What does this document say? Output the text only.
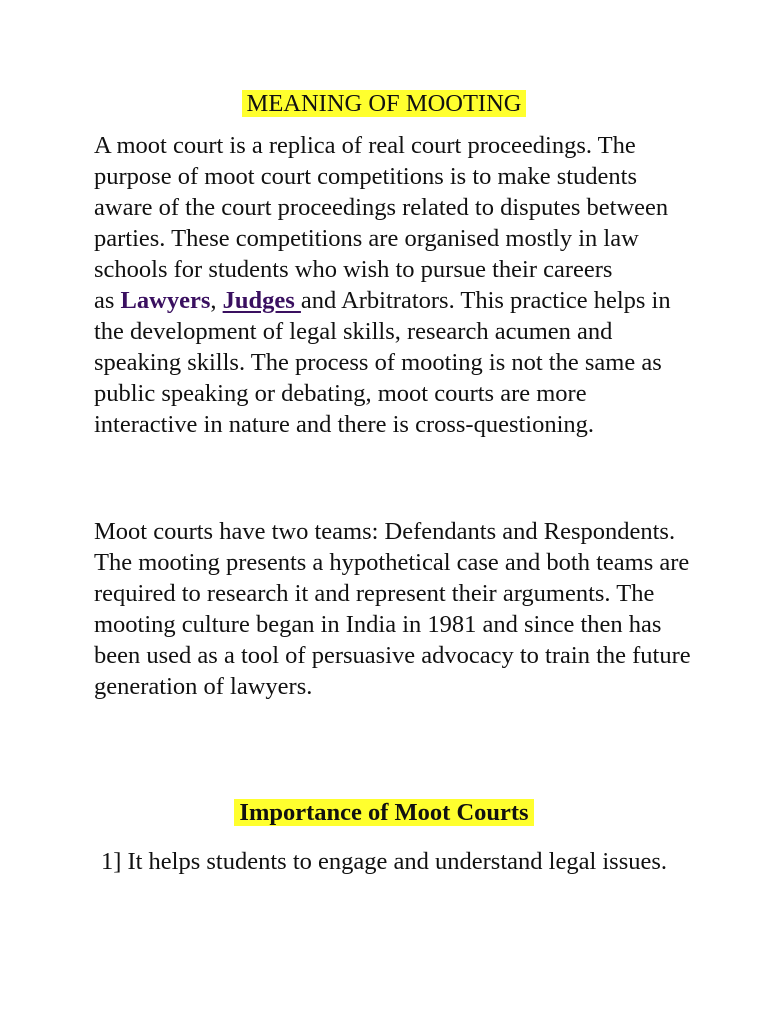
MEANING OF MOOTING

A moot court is a replica of real court proceedings. The purpose of moot court competitions is to make students aware of the court proceedings related to disputes between parties. These competitions are organised mostly in law schools for students who wish to pursue their careers
as Lawyers, Judges and Arbitrators. This practice helps in the development of legal skills, research acumen and speaking skills. The process of mooting is not the same as public speaking or debating, moot courts are more interactive in nature and there is cross-questioning.

Moot courts have two teams: Defendants and Respondents. The mooting presents a hypothetical case and both teams are required to research it and represent their arguments. The mooting culture began in India in 1981 and since then has been used as a tool of persuasive advocacy to train the future generation of lawyers.

Importance of Moot Courts

1] It helps students to engage and understand legal issues.
